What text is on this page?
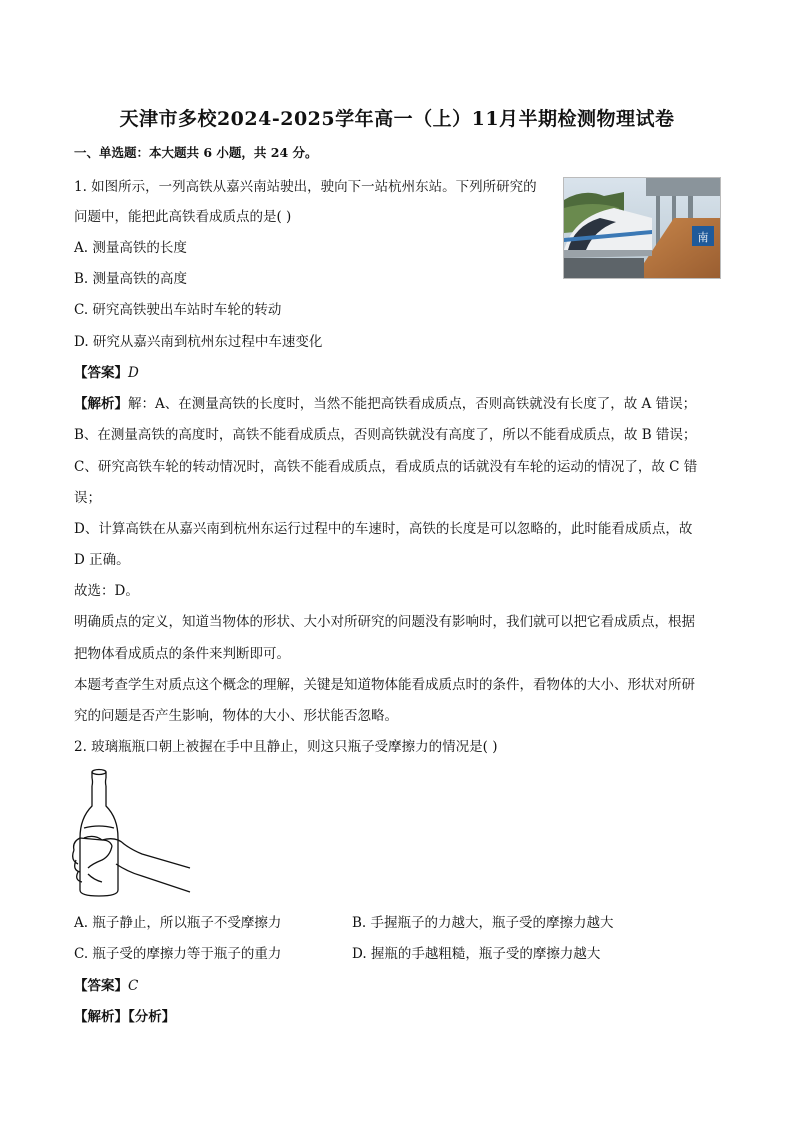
天津市多校2024-2025学年高一（上）11月半期检测物理试卷
一、单选题：本大题共 6 小题，共 24 分。
1. 如图所示，一列高铁从嘉兴南站驶出，驶向下一站杭州东站。下列所研究的
问题中，能把此高铁看成质点的是( )
A. 测量高铁的长度
B. 测量高铁的高度
C. 研究高铁驶出车站时车轮的转动
D. 研究从嘉兴南到杭州东过程中车速变化
南
【答案】D
【解析】解：A、在测量高铁的长度时，当然不能把高铁看成质点，否则高铁就没有长度了，故 A 错误；
B、在测量高铁的高度时，高铁不能看成质点，否则高铁就没有高度了，所以不能看成质点，故 B 错误；
C、研究高铁车轮的转动情况时，高铁不能看成质点，看成质点的话就没有车轮的运动的情况了，故 C 错
误；
D、计算高铁在从嘉兴南到杭州东运行过程中的车速时，高铁的长度是可以忽略的，此时能看成质点，故
D 正确。
故选：D。
明确质点的定义，知道当物体的形状、大小对所研究的问题没有影响时，我们就可以把它看成质点，根据
把物体看成质点的条件来判断即可。
本题考查学生对质点这个概念的理解，关键是知道物体能看成质点时的条件，看物体的大小、形状对所研
究的问题是否产生影响，物体的大小、形状能否忽略。
2. 玻璃瓶瓶口朝上被握在手中且静止，则这只瓶子受摩擦力的情况是( )
A. 瓶子静止，所以瓶子不受摩擦力	B. 手握瓶子的力越大，瓶子受的摩擦力越大
C. 瓶子受的摩擦力等于瓶子的重力	D. 握瓶的手越粗糙，瓶子受的摩擦力越大
【答案】C
【解析】【分析】
